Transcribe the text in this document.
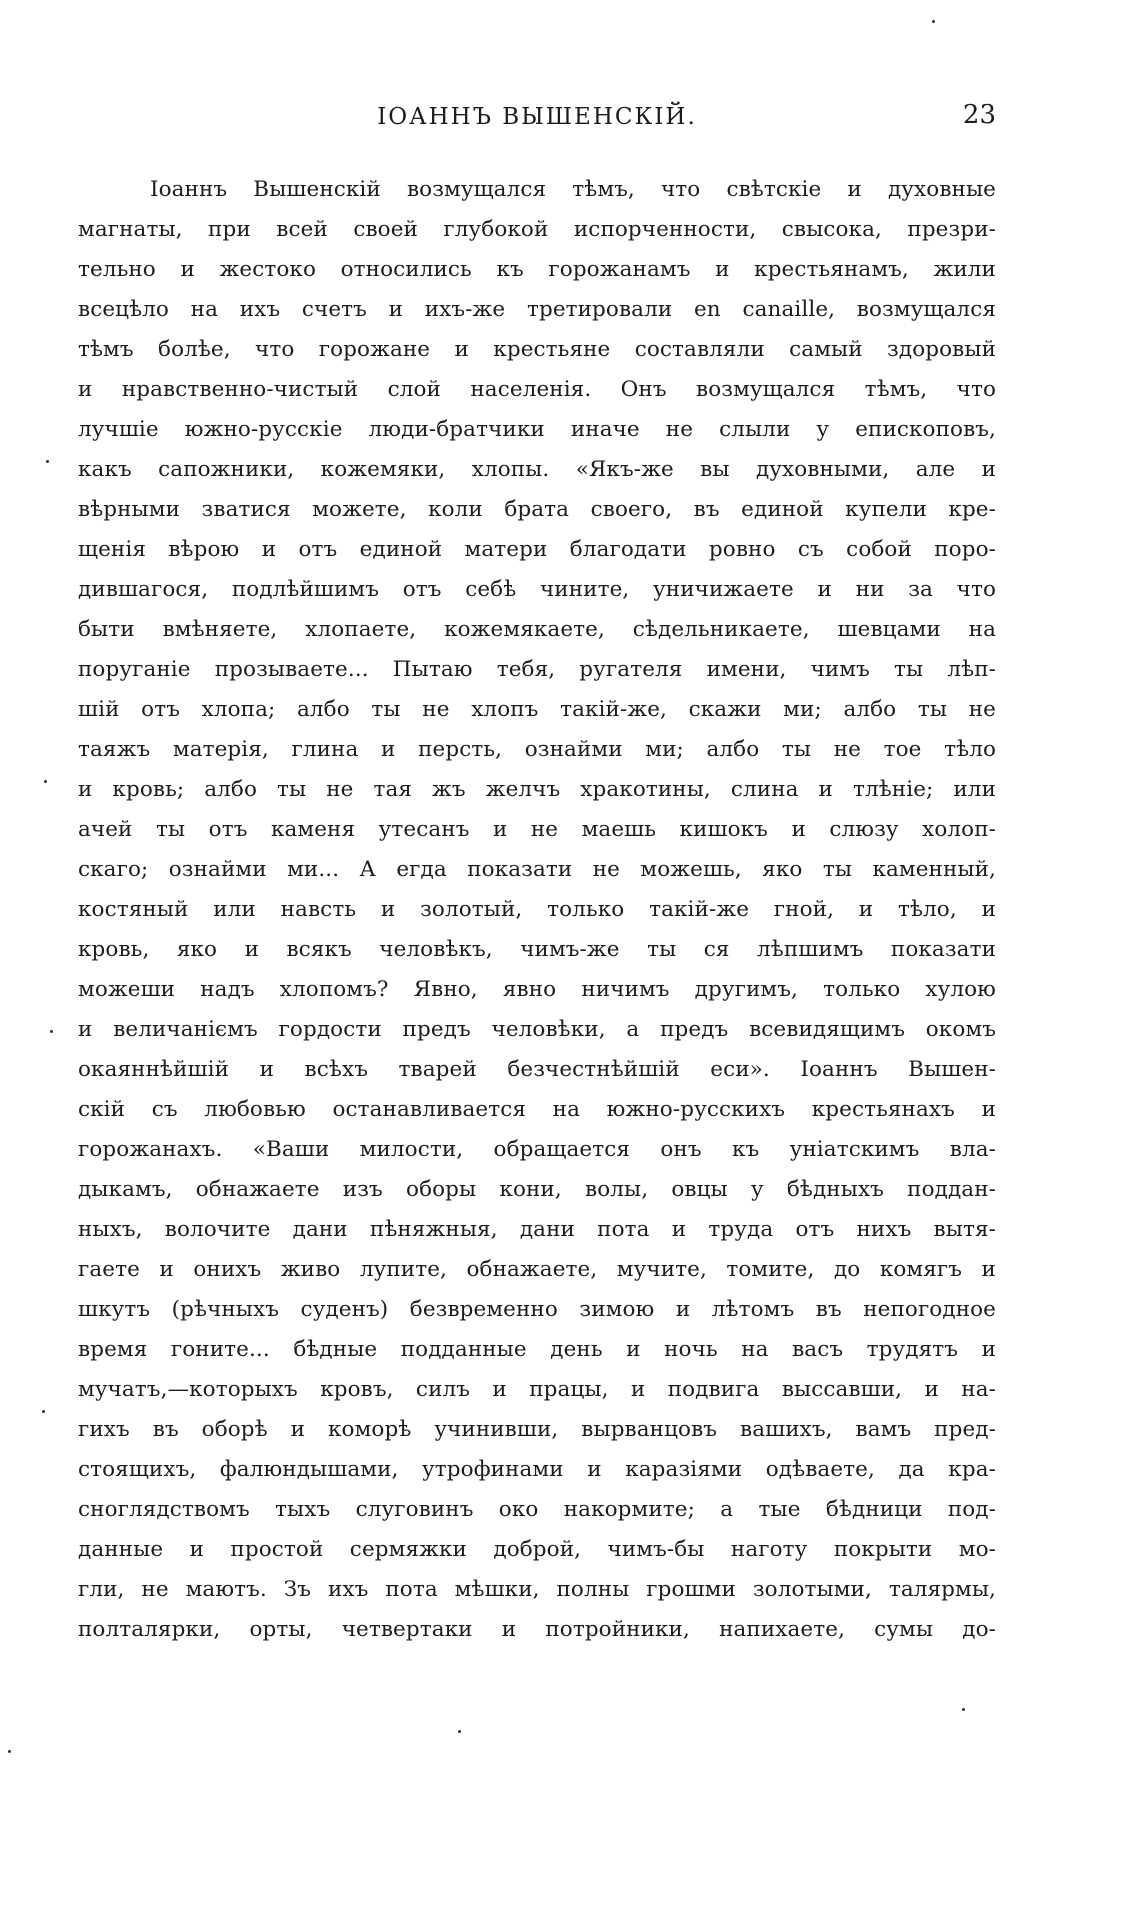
ІОАННЪ ВЫШЕНСКІЙ.	23
Іоаннъ Вышенскій возмущался тѣмъ, что свѣтскіе и духовные
магнаты, при всей своей глубокой испорченности, свысока, презри-
тельно и жестоко относились къ горожанамъ и крестьянамъ, жили
всецѣло на ихъ счетъ и ихъ-же третировали en canaille, возмущался
тѣмъ болѣе, что горожане и крестьяне составляли самый здоровый
и нравственно-чистый слой населенія. Онъ возмущался тѣмъ, что
лучшіе южно-русскіе люди-братчики иначе не слыли у епископовъ,
какъ сапожники, кожемяки, хлопы. «Якъ-же вы духовными, але и
вѣрными зватися можете, коли брата своего, въ единой купели кре-
щенія вѣрою и отъ единой матери благодати ровно съ собой поро-
дившагося, подлѣйшимъ отъ себѣ чините, уничижаете и ни за что
быти вмѣняете, хлопаете, кожемякаете, сѣдельникаете, шевцами на
поруганіе прозываете... Пытаю тебя, ругателя имени, чимъ ты лѣп-
шій отъ хлопа; албо ты не хлопъ такій-же, скажи ми; албо ты не
таяжъ матерія, глина и персть, ознайми ми; албо ты не тое тѣло
и кровь; албо ты не тая жъ желчъ хракотины, слина и тлѣніе; или
ачей ты отъ каменя утесанъ и не маешь кишокъ и слюзу холоп-
скаго; ознайми ми... А егда показати не можешь, яко ты каменный,
костяный или навсть и золотый, только такій-же гной, и тѣло, и
кровь, яко и всякъ человѣкъ, чимъ-же ты ся лѣпшимъ показати
можеши надъ хлопомъ? Явно, явно ничимъ другимъ, только хулою
и величаніємъ гордости предъ человѣки, а предъ всевидящимъ окомъ
окаяннѣйшій и всѣхъ тварей безчестнѣйшій еси». Іоаннъ Вышен-
скій съ любовью останавливается на южно-русскихъ крестьянахъ и
горожанахъ. «Ваши милости, обращается онъ къ уніатскимъ вла-
дыкамъ, обнажаете изъ оборы кони, волы, овцы у бѣдныхъ поддан-
ныхъ, волочите дани пѣняжныя, дани пота и труда отъ нихъ вытя-
гаете и онихъ живо лупите, обнажаете, мучите, томите, до комягъ и
шкутъ (рѣчныхъ суденъ) безвременно зимою и лѣтомъ въ непогодное
время гоните... бѣдные подданные день и ночь на васъ трудятъ и
мучатъ,—которыхъ кровъ, силъ и працы, и подвига высcавши, и на-
гихъ въ оборѣ и коморѣ учинивши, вырванцовъ вашихъ, вамъ пред-
стоящихъ, фалюндышами, утрофинами и каразіями одѣваете, да кра-
сноглядствомъ тыхъ слуговинъ око накормите; а тые бѣдници под-
данные и простой сермяжки доброй, чимъ-бы наготу покрыти мо-
гли, не маютъ. Зъ ихъ пота мѣшки, полны грошми золотыми, талярмы,
полталярки, орты, четвертаки и потройники, напихаете, сумы до-
